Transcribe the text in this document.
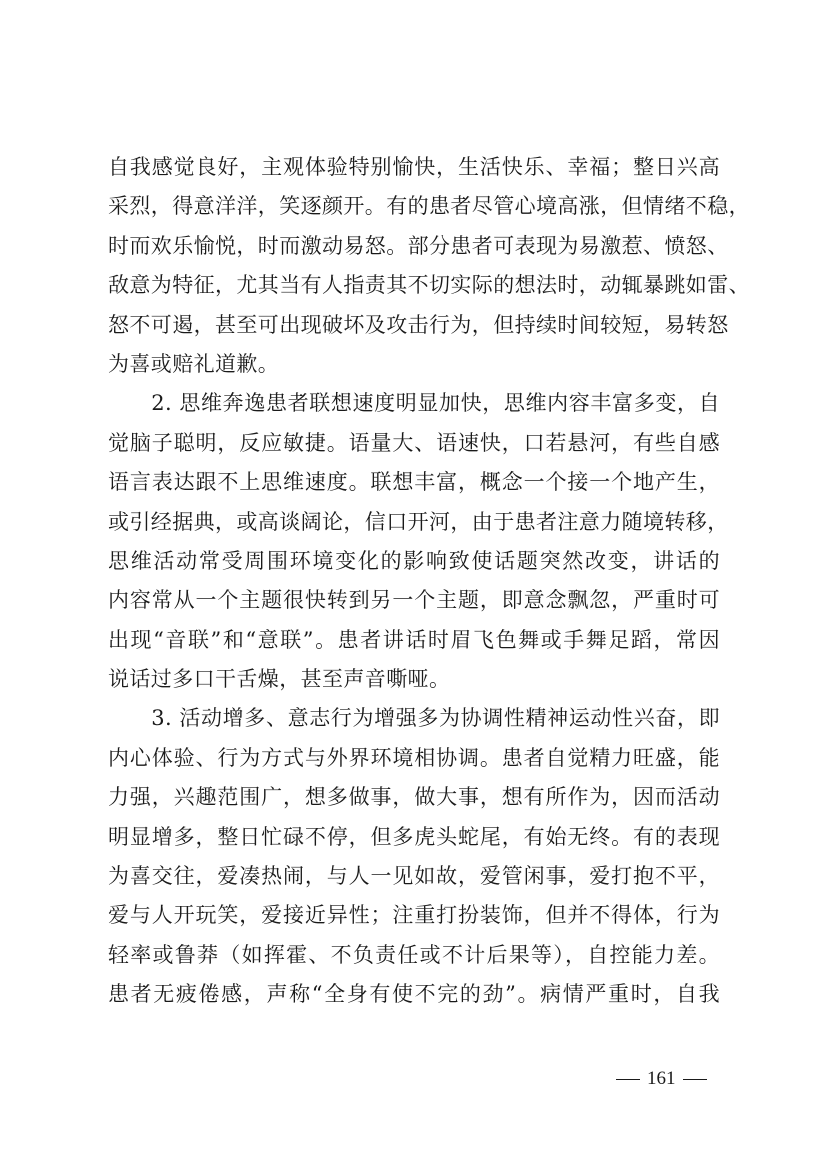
自我感觉良好，主观体验特别愉快，生活快乐、幸福；整日兴高
采烈，得意洋洋，笑逐颜开。有的患者尽管心境高涨，但情绪不稳，
时而欢乐愉悦，时而激动易怒。部分患者可表现为易激惹、愤怒、
敌意为特征，尤其当有人指责其不切实际的想法时，动辄暴跳如雷、
怒不可遏，甚至可出现破坏及攻击行为，但持续时间较短，易转怒
为喜或赔礼道歉。
　　2. 思维奔逸患者联想速度明显加快，思维内容丰富多变，自
觉脑子聪明，反应敏捷。语量大、语速快，口若悬河，有些自感
语言表达跟不上思维速度。联想丰富，概念一个接一个地产生，
或引经据典，或高谈阔论，信口开河，由于患者注意力随境转移，
思维活动常受周围环境变化的影响致使话题突然改变，讲话的
内容常从一个主题很快转到另一个主题，即意念飘忽，严重时可
出现“音联”和“意联”。患者讲话时眉飞色舞或手舞足蹈，常因
说话过多口干舌燥，甚至声音嘶哑。
　　3. 活动增多、意志行为增强多为协调性精神运动性兴奋，即
内心体验、行为方式与外界环境相协调。患者自觉精力旺盛，能
力强，兴趣范围广，想多做事，做大事，想有所作为，因而活动
明显增多，整日忙碌不停，但多虎头蛇尾，有始无终。有的表现
为喜交往，爱凑热闹，与人一见如故，爱管闲事，爱打抱不平，
爱与人开玩笑，爱接近异性；注重打扮装饰，但并不得体，行为
轻率或鲁莽（如挥霍、不负责任或不计后果等），自控能力差。
患者无疲倦感，声称“全身有使不完的劲”。病情严重时，自我
161
